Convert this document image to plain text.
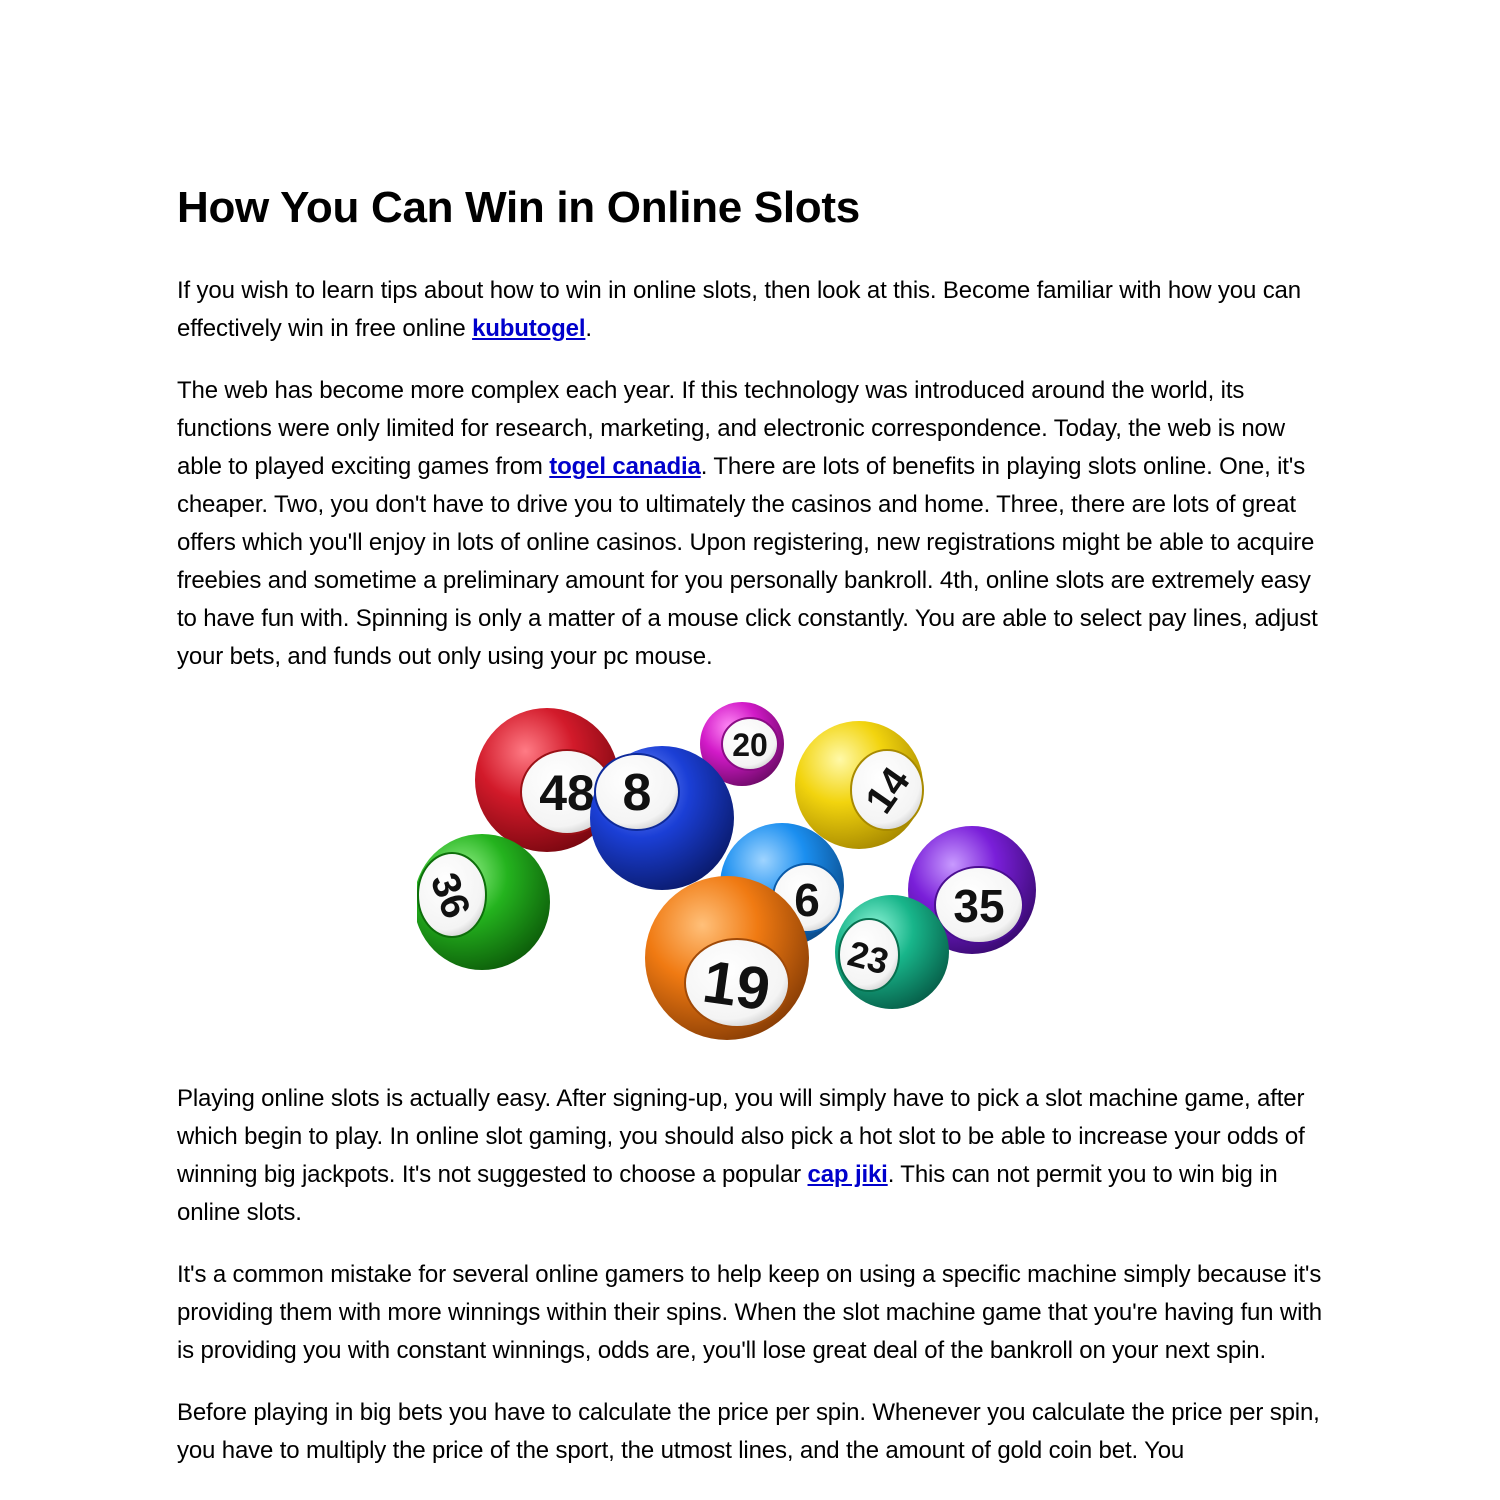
How You Can Win in Online Slots

If you wish to learn tips about how to win in online slots, then look at this. Become familiar with how you can effectively win in free online kubutogel.

The web has become more complex each year. If this technology was introduced around the world, its functions were only limited for research, marketing, and electronic correspondence. Today, the web is now able to played exciting games from togel canadia. There are lots of benefits in playing slots online. One, it's cheaper. Two, you don't have to drive you to ultimately the casinos and home. Three, there are lots of great offers which you'll enjoy in lots of online casinos. Upon registering, new registrations might be able to acquire freebies and sometime a preliminary amount for you personally bankroll. 4th, online slots are extremely easy to have fun with. Spinning is only a matter of a mouse click constantly. You are able to select pay lines, adjust your bets, and funds out only using your pc mouse.

48
20
14
8
36	6	35
23
19

Playing online slots is actually easy. After signing-up, you will simply have to pick a slot machine game, after which begin to play. In online slot gaming, you should also pick a hot slot to be able to increase your odds of winning big jackpots. It's not suggested to choose a popular cap jiki. This can not permit you to win big in online slots.

It's a common mistake for several online gamers to help keep on using a specific machine simply because it's providing them with more winnings within their spins. When the slot machine game that you're having fun with is providing you with constant winnings, odds are, you'll lose great deal of the bankroll on your next spin.

Before playing in big bets you have to calculate the price per spin. Whenever you calculate the price per spin, you have to multiply the price of the sport, the utmost lines, and the amount of gold coin bet. You
